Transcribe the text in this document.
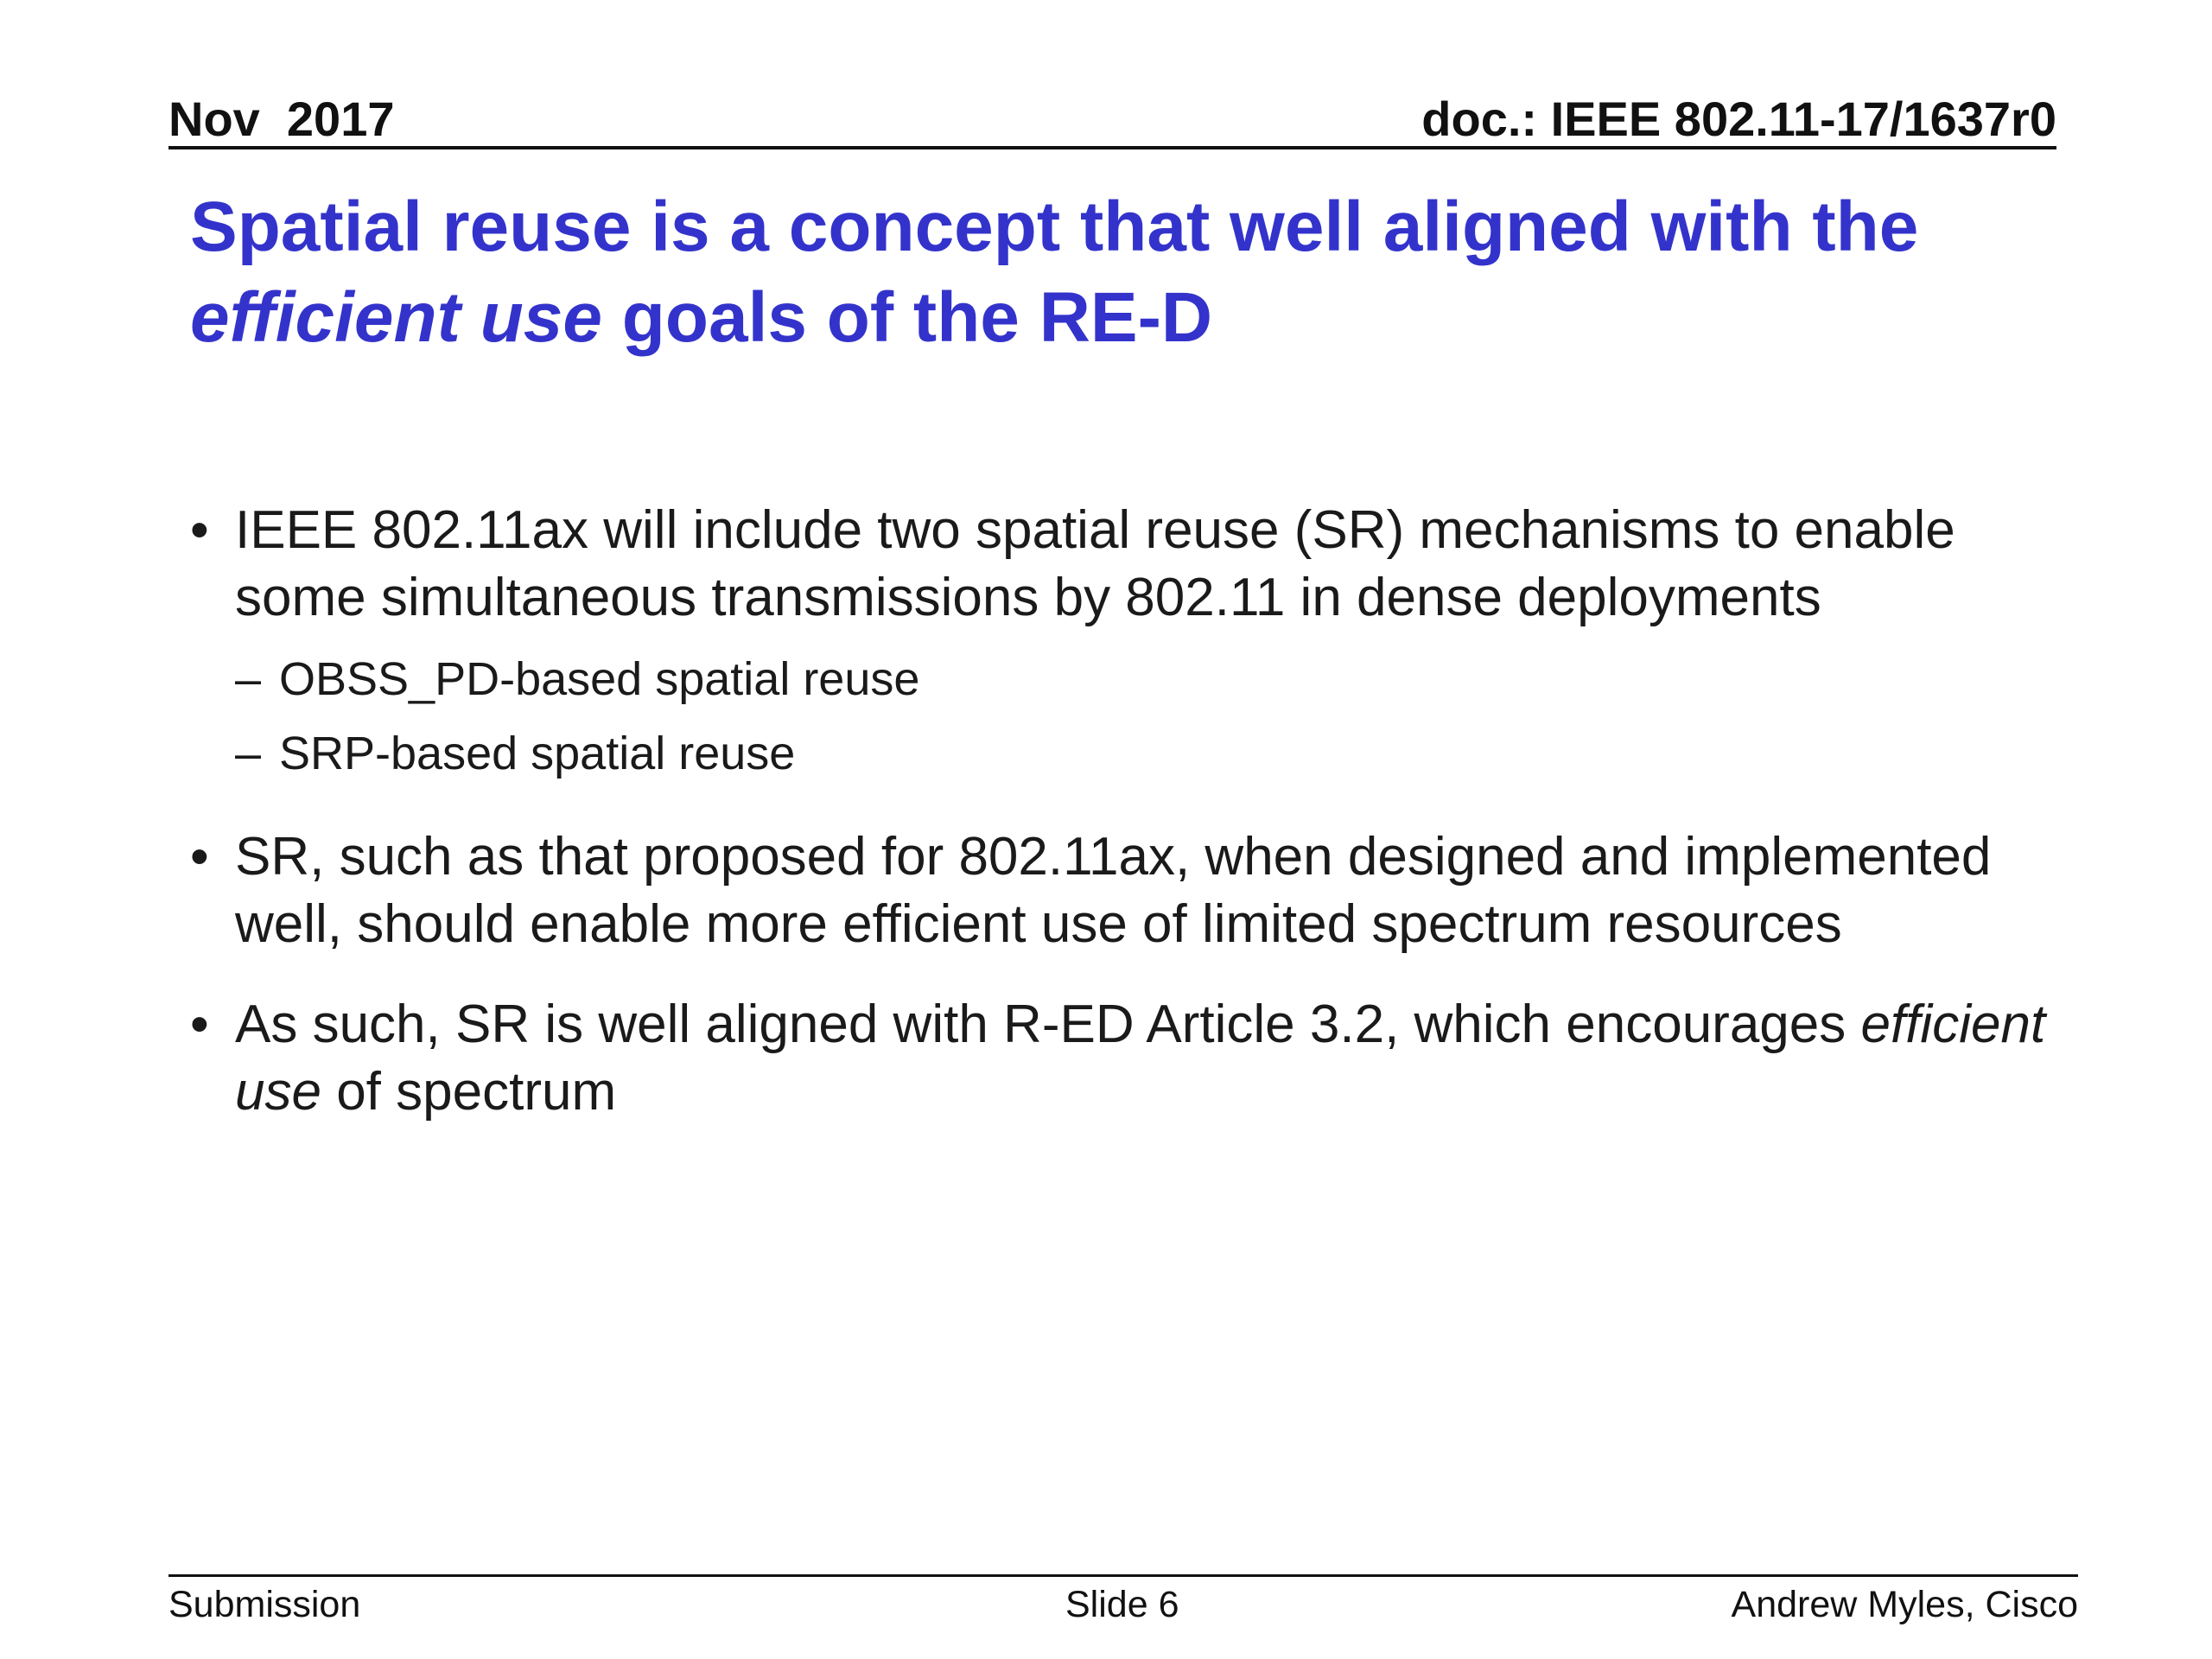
Nov  2017	doc.: IEEE 802.11-17/1637r0
Spatial reuse is a concept that well aligned with the
efficient use goals of the RE-D
• IEEE 802.11ax will include two spatial reuse (SR) mechanisms to enable some simultaneous transmissions by 802.11 in dense deployments
– OBSS_PD-based spatial reuse
– SRP-based spatial reuse
• SR, such as that proposed for 802.11ax, when designed and implemented well, should enable more efficient use of limited spectrum resources
• As such, SR is well aligned with R-ED Article 3.2, which encourages efficient use of spectrum
Submission	Slide 6	Andrew Myles, Cisco
